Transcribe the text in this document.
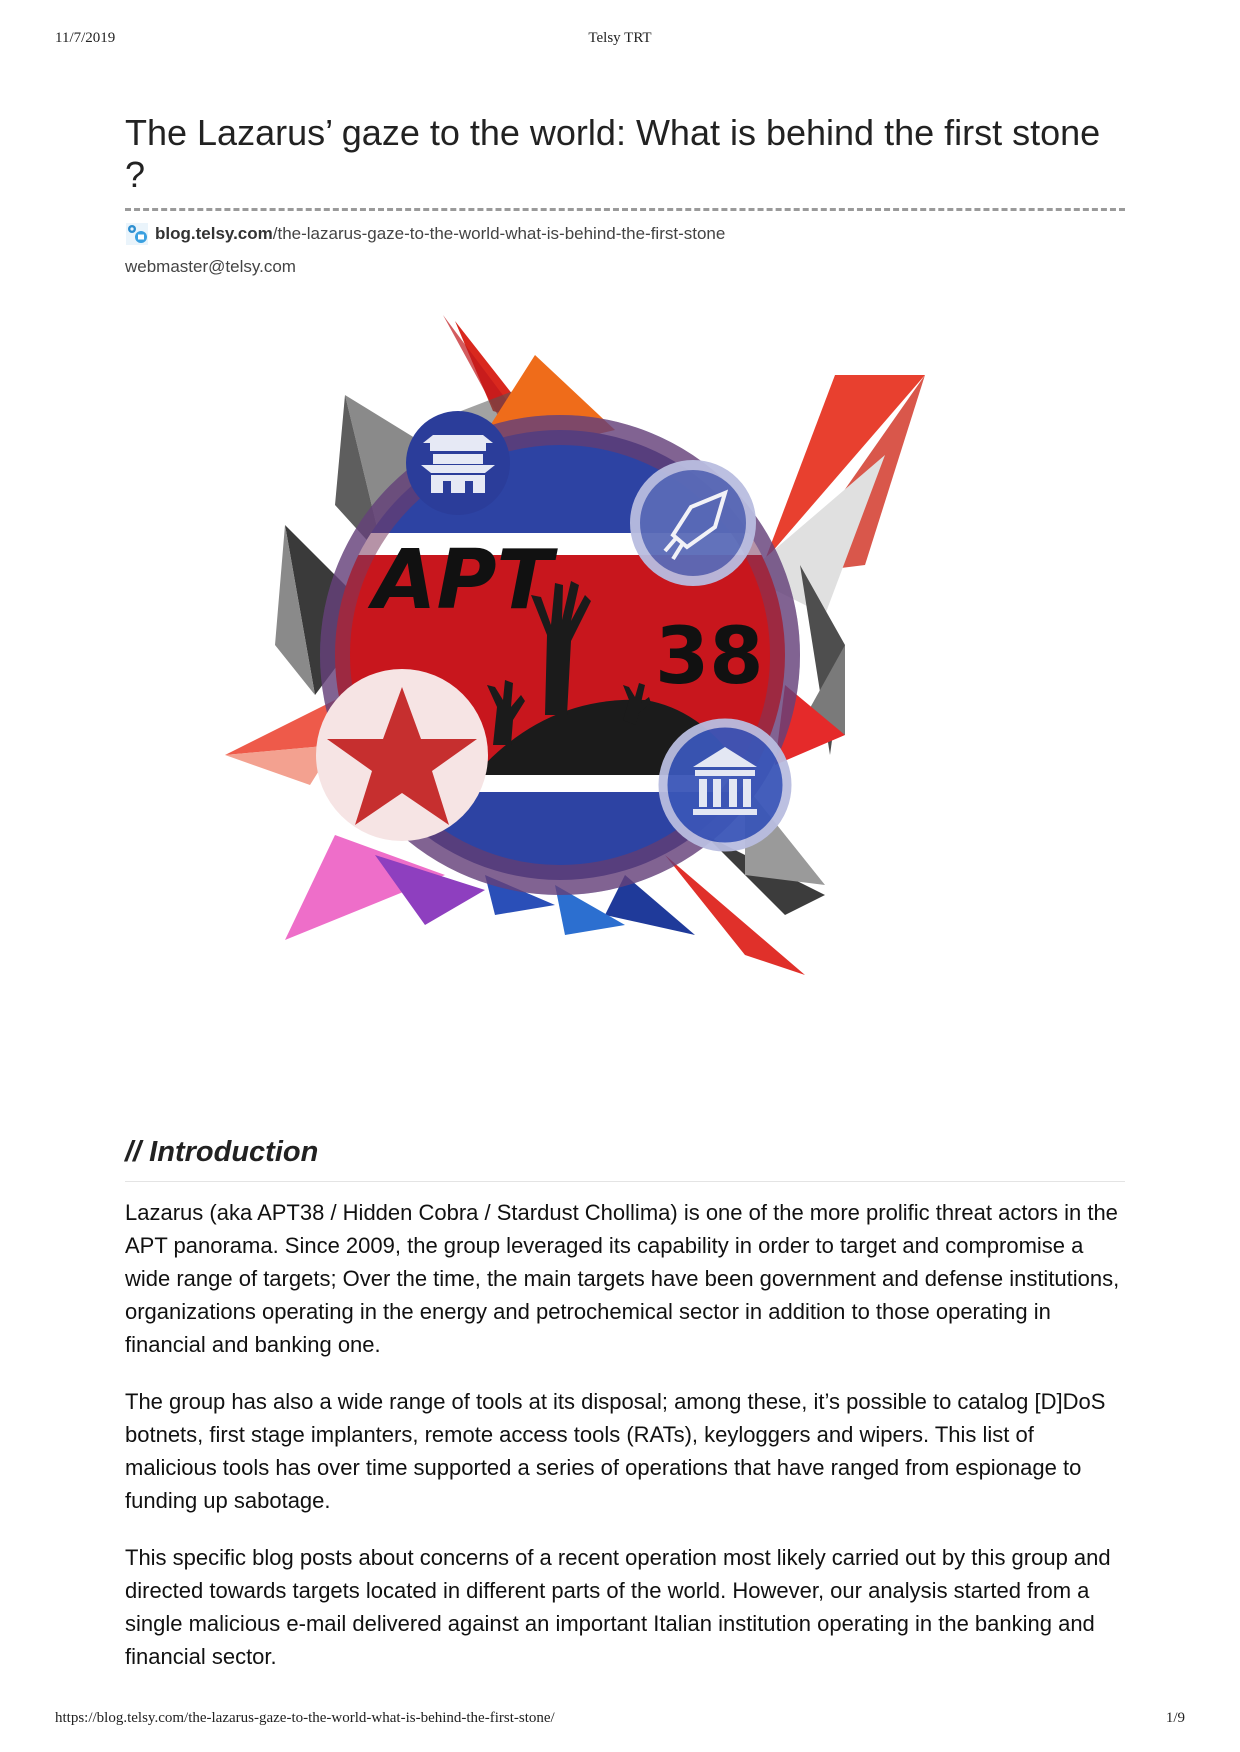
11/7/2019	Telsy TRT
The Lazarus’ gaze to the world: What is behind the first stone ?
blog.telsy.com /the-lazarus-gaze-to-the-world-what-is-behind-the-first-stone
webmaster@telsy.com
APT
38
// Introduction

Lazarus (aka APT38 / Hidden Cobra / Stardust Chollima) is one of the more prolific threat actors in the APT panorama. Since 2009, the group leveraged its capability in order to target and compromise a wide range of targets; Over the time, the main targets have been government and defense institutions, organizations operating in the energy and petrochemical sector in addition to those operating in financial and banking one.

The group has also a wide range of tools at its disposal; among these, it’s possible to catalog [D]DoS botnets, first stage implanters, remote access tools (RATs), keyloggers and wipers. This list of malicious tools has over time supported a series of operations that have ranged from espionage to funding up sabotage.

This specific blog posts about concerns of a recent operation most likely carried out by this group and directed towards targets located in different parts of the world. However, our analysis started from a single malicious e-mail delivered against an important Italian institution operating in the banking and financial sector.

https://blog.telsy.com/the-lazarus-gaze-to-the-world-what-is-behind-the-first-stone/	1/9
